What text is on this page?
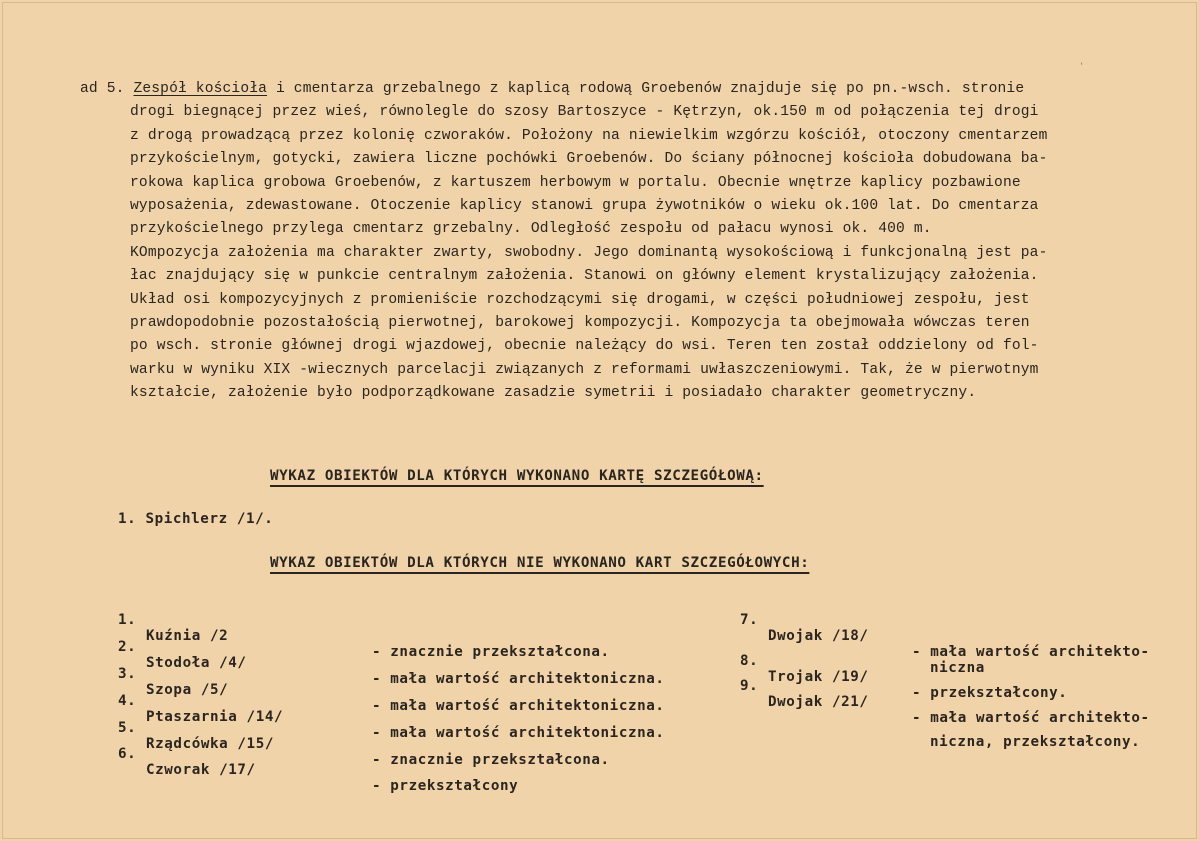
ʻ
ad 5. Zespół kościoła i cmentarza grzebalnego z kaplicą rodową Groebenów znajduje się po pn.-wsch. stronie
drogi biegnącej przez wieś, równolegle do szosy Bartoszyce - Kętrzyn, ok.150 m od połączenia tej drogi
z drogą prowadzącą przez kolonię czworaków. Położony na niewielkim wzgórzu kościół, otoczony cmentarzem
przykościelnym, gotycki, zawiera liczne pochówki Groebenów. Do ściany północnej kościoła dobudowana ba-
rokowa kaplica grobowa Groebenów, z kartuszem herbowym w portalu. Obecnie wnętrze kaplicy pozbawione
wyposażenia, zdewastowane. Otoczenie kaplicy stanowi grupa żywotników o wieku ok.100 lat. Do cmentarza
przykościelnego przylega cmentarz grzebalny. Odległość zespołu od pałacu wynosi ok. 400 m.
KOmpozycja założenia ma charakter zwarty, swobodny. Jego dominantą wysokościową i funkcjonalną jest pa-
łac znajdujący się w punkcie centralnym założenia. Stanowi on główny element krystalizujący założenia.
Układ osi kompozycyjnych z promieniście rozchodzącymi się drogami, w części południowej zespołu, jest
prawdopodobnie pozostałością pierwotnej, barokowej kompozycji. Kompozycja ta obejmowała wówczas teren
po wsch. stronie głównej drogi wjazdowej, obecnie należący do wsi. Teren ten został oddzielony od fol-
warku w wyniku XIX -wiecznych parcelacji związanych z reformami uwłaszczeniowymi. Tak, że w pierwotnym
kształcie, założenie było podporządkowane zasadzie symetrii i posiadało charakter geometryczny.
WYKAZ OBIEKTÓW DLA KTÓRYCH WYKONANO KARTĘ SZCZEGÓŁOWĄ:
1. Spichlerz /1/.
WYKAZ OBIEKTÓW DLA KTÓRYCH NIE WYKONANO KART SZCZEGÓŁOWYCH:

1.

Kuźnia /2

- znacznie przekształcona.

2.

Stodoła /4/

- mała wartość architektoniczna.

3.

Szopa /5/

- mała wartość architektoniczna.

4.

Ptaszarnia /14/

- mała wartość architektoniczna.

5.

Rządcówka /15/

- znacznie przekształcona.

6.

Czworak /17/

- przekształcony

7.

Dwojak /18/

- mała wartość architekto-
niczna

8.

Trojak /19/

- przekształcony.

9.

Dwojak /21/

- mała wartość architekto-
niczna, przekształcony.
